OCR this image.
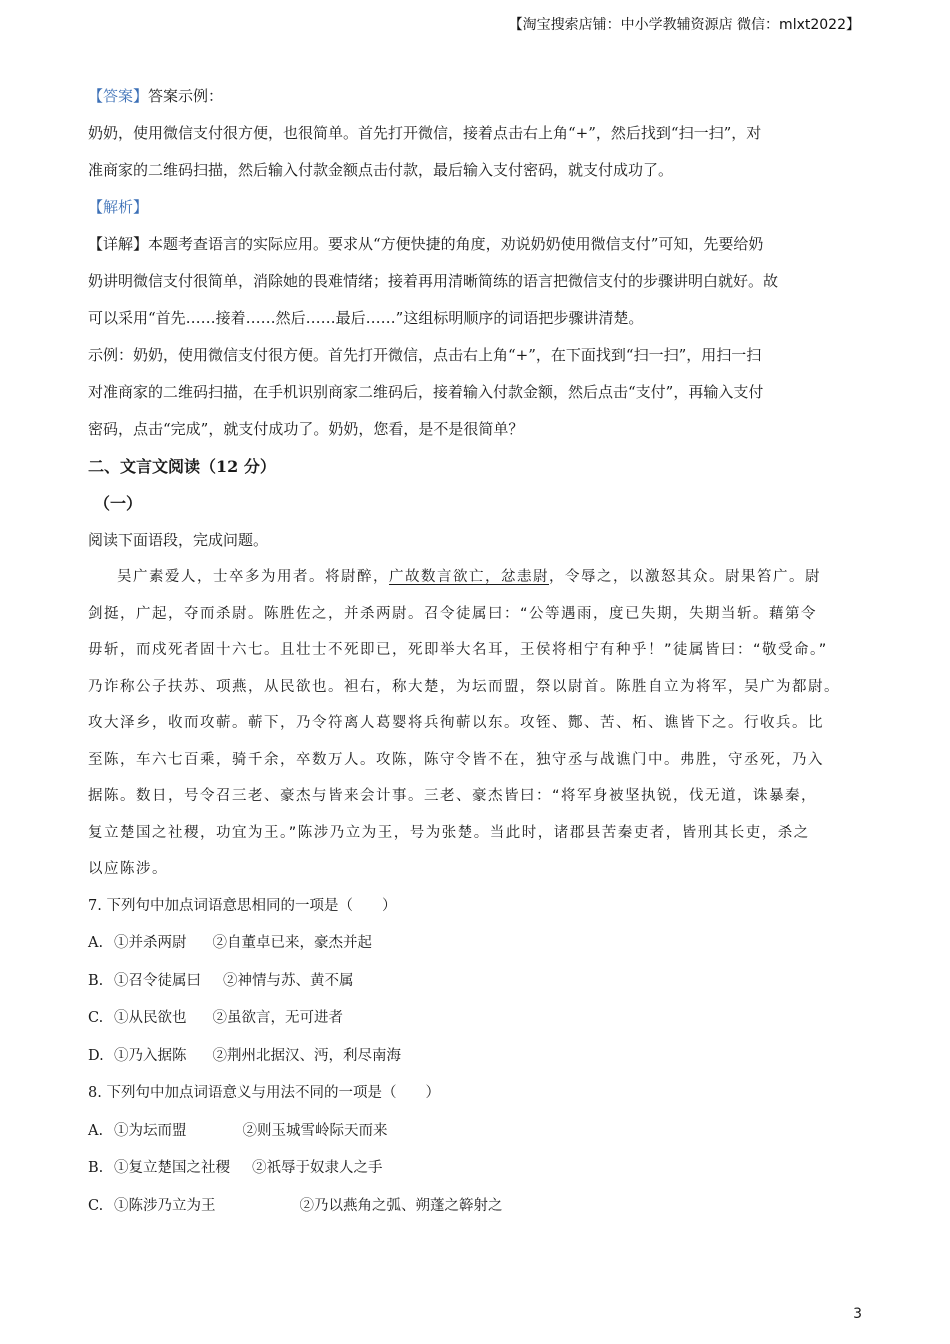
【淘宝搜索店铺：中小学教辅资源店 微信：mlxt2022】
【答案】答案示例：
奶奶，使用微信支付很方便，也很简单。首先打开微信，接着点击右上角“+”，然后找到“扫一扫”，对
准商家的二维码扫描，然后输入付款金额点击付款，最后输入支付密码，就支付成功了。
【解析】
【详解】本题考查语言的实际应用。要求从“方便快捷的角度，劝说奶奶使用微信支付”可知，先要给奶
奶讲明微信支付很简单，消除她的畏难情绪；接着再用清晰简练的语言把微信支付的步骤讲明白就好。故
可以采用“首先……接着……然后……最后……”这组标明顺序的词语把步骤讲清楚。
示例：奶奶，使用微信支付很方便。首先打开微信，点击右上角“+”，在下面找到“扫一扫”，用扫一扫
对准商家的二维码扫描，在手机识别商家二维码后，接着输入付款金额，然后点击“支付”，再输入支付
密码，点击“完成”，就支付成功了。奶奶，您看，是不是很简单？
二、文言文阅读（12 分）
（一）
阅读下面语段，完成问题。
吴广素爱人，士卒多为用者。将尉醉，广故数言欲亡，忿恚尉，令辱之，以激怒其众。尉果笞广。尉
剑挺，广起，夺而杀尉。陈胜佐之，并杀两尉。召令徒属曰：“公等遇雨，度已失期，失期当斩。藉第令
毋斩，而戍死者固十六七。且壮士不死即已，死即举大名耳，王侯将相宁有种乎！”徒属皆曰：“敬受命。”
乃诈称公子扶苏、项燕，从民欲也。袒右，称大楚，为坛而盟，祭以尉首。陈胜自立为将军，吴广为都尉。
攻大泽乡，收而攻蕲。蕲下，乃令符离人葛婴将兵徇蕲以东。攻铚、酂、苦、柘、谯皆下之。行收兵。比
至陈，车六七百乘，骑千余，卒数万人。攻陈，陈守令皆不在，独守丞与战谯门中。弗胜，守丞死，乃入
据陈。数日，号令召三老、豪杰与皆来会计事。三老、豪杰皆曰：“将军身被坚执锐，伐无道，诛暴秦，
复立楚国之社稷，功宜为王。”陈涉乃立为王，号为张楚。当此时，诸郡县苦秦吏者，皆刑其长吏，杀之
以应陈涉。
7. 下列句中加点词语意思相同的一项是（　　）
A. ①并杀两尉 ②自董卓已来，豪杰并起
B. ①召令徒属曰 ②神情与苏、黄不属
C. ①从民欲也 ②虽欲言，无可进者
D. ①乃入据陈 ②荆州北据汉、沔，利尽南海
8. 下列句中加点词语意义与用法不同的一项是（　　）
A. ①为坛而盟	②则玉城雪岭际天而来
B. ①复立楚国之社稷 ②祇辱于奴隶人之手
C. ①陈涉乃立为王	②乃以燕角之弧、朔蓬之簳射之
3
